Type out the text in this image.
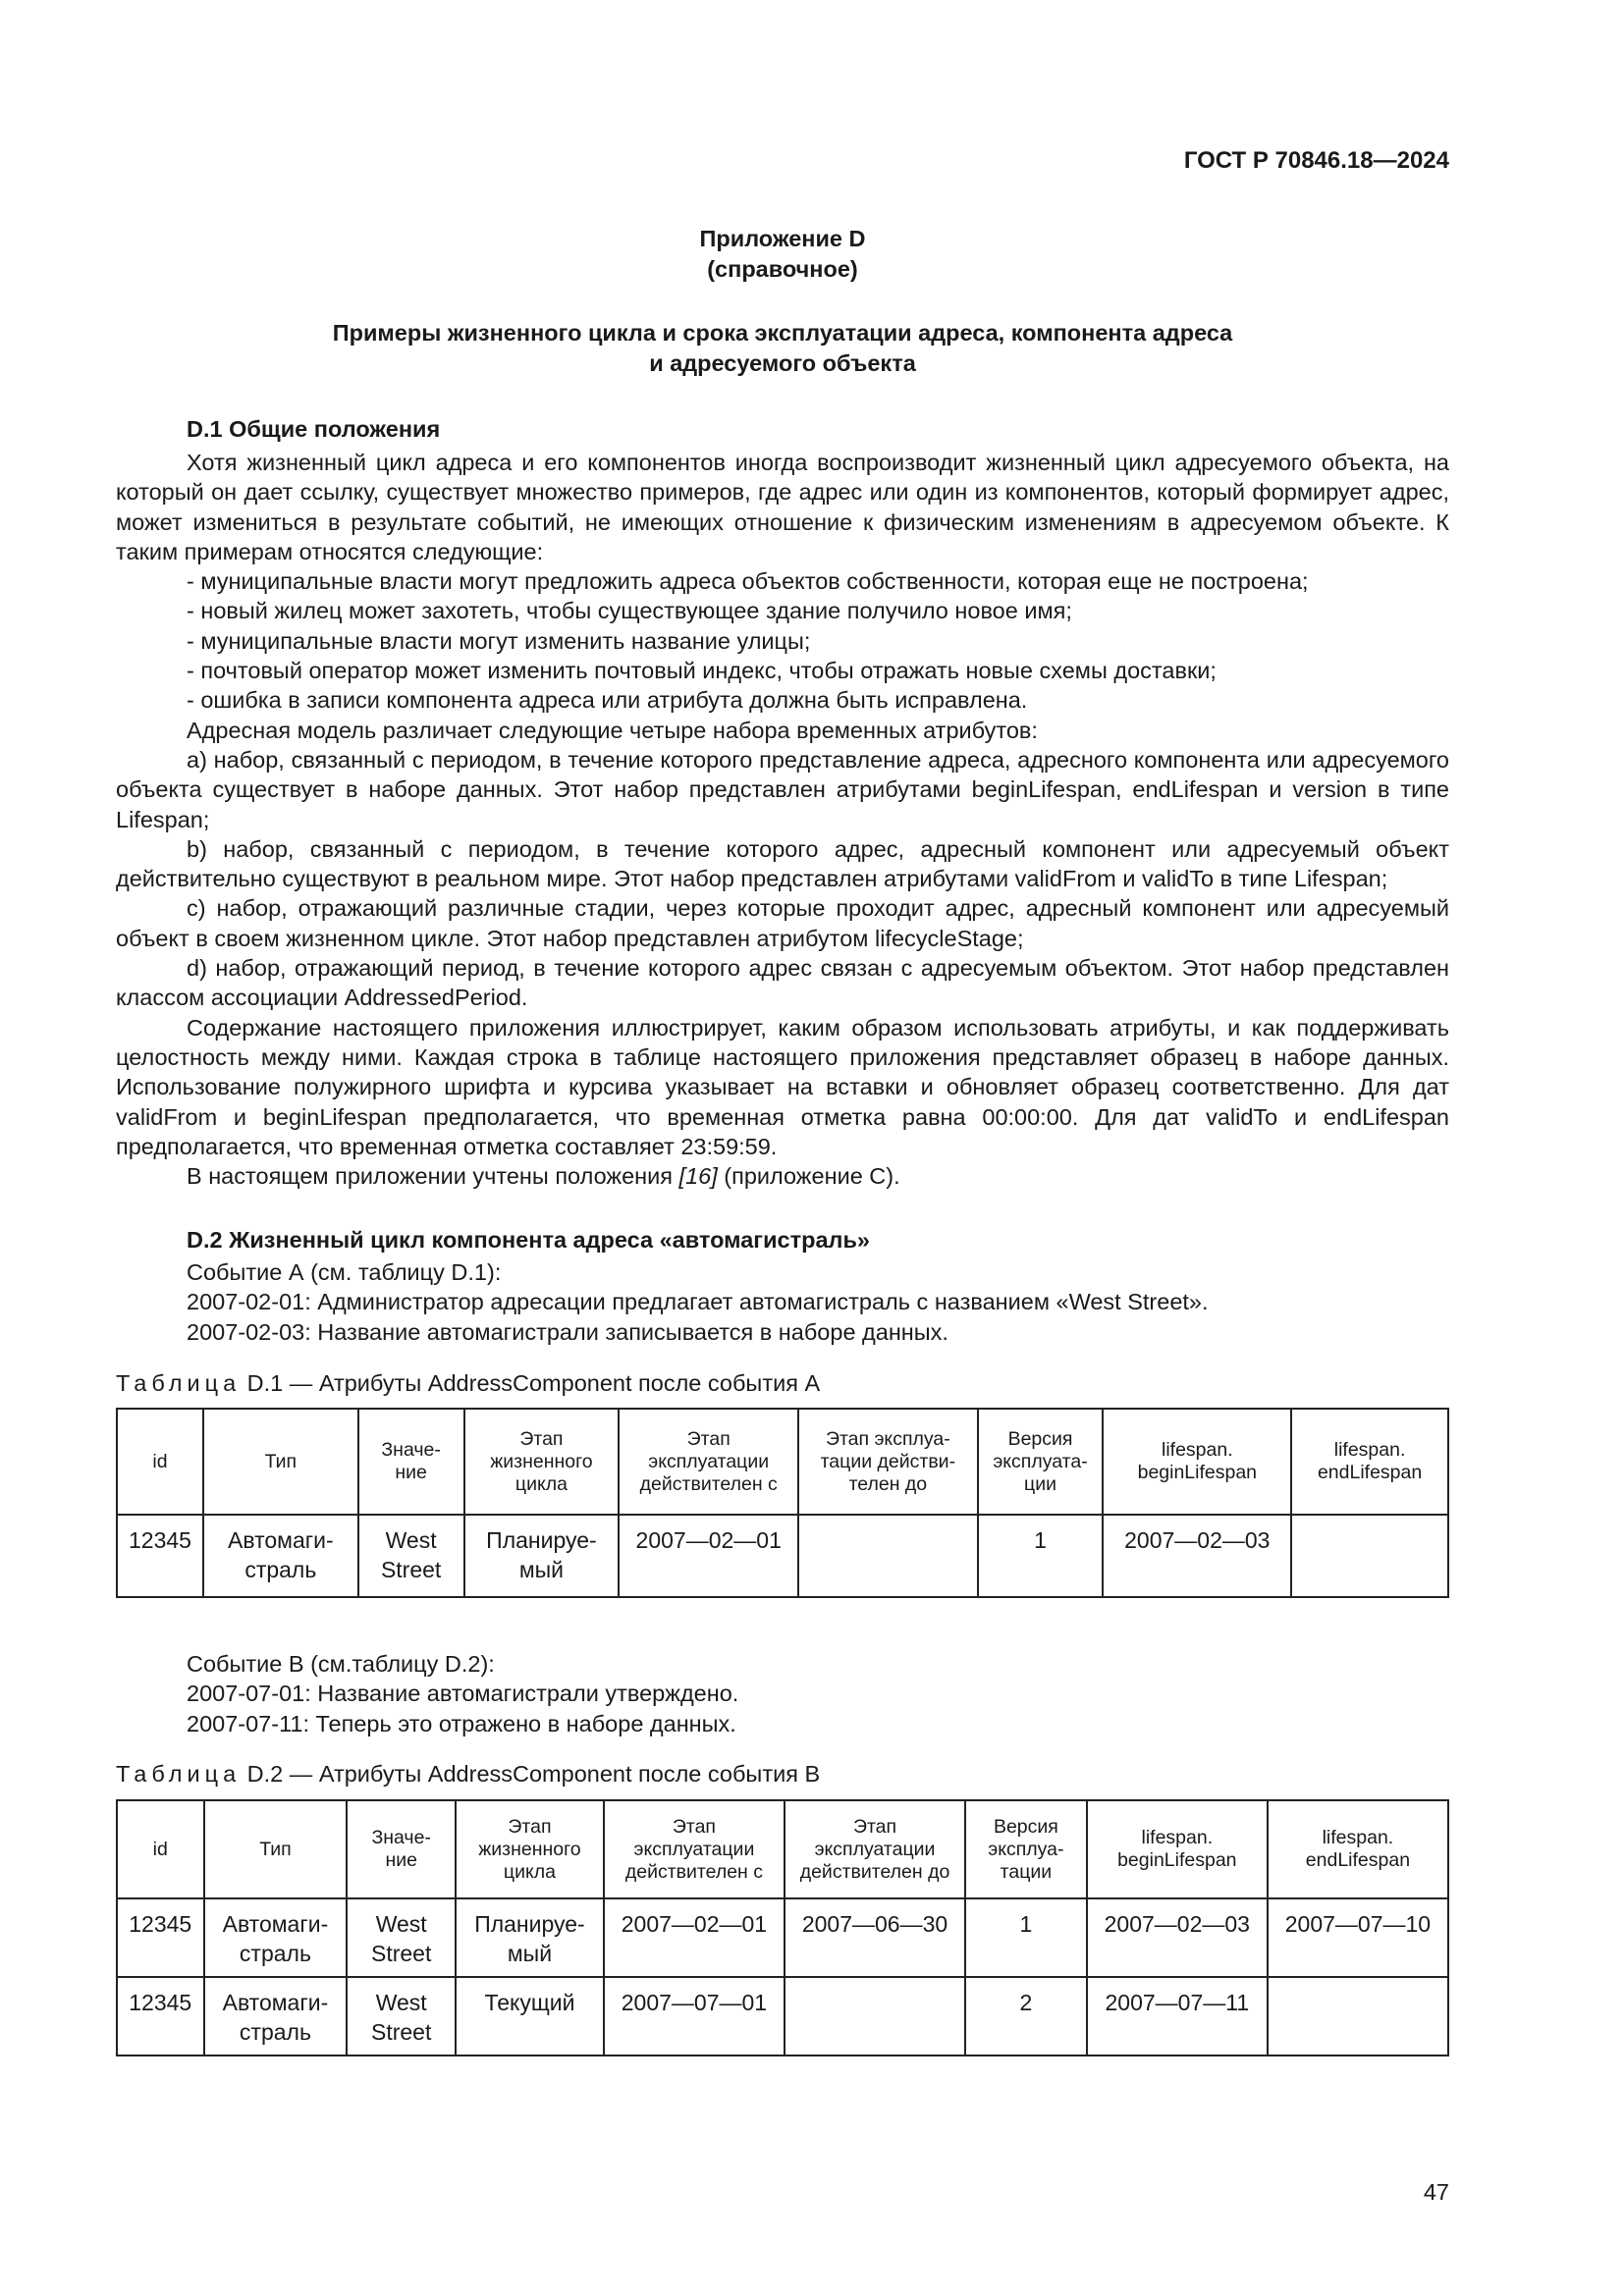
ГОСТ Р 70846.18—2024
Приложение D
(справочное)
Примеры жизненного цикла и срока эксплуатации адреса, компонента адреса
и адресуемого объекта
D.1 Общие положения

Хотя жизненный цикл адреса и его компонентов иногда воспроизводит жизненный цикл адресуемого объекта, на который он дает ссылку, существует множество примеров, где адрес или один из компонентов, который формирует адрес, может измениться в результате событий, не имеющих отношение к физическим изменениям в адресуемом объекте. К таким примерам относятся следующие:

- муниципальные власти могут предложить адреса объектов собственности, которая еще не построена;

- новый жилец может захотеть, чтобы существующее здание получило новое имя;

- муниципальные власти могут изменить название улицы;

- почтовый оператор может изменить почтовый индекс, чтобы отражать новые схемы доставки;

- ошибка в записи компонента адреса или атрибута должна быть исправлена.

Адресная модель различает следующие четыре набора временных атрибутов:

a) набор, связанный с периодом, в течение которого представление адреса, адресного компонента или адресуемого объекта существует в наборе данных. Этот набор представлен атрибутами beginLifespan, endLifespan и version в типе Lifespan;

b) набор, связанный с периодом, в течение которого адрес, адресный компонент или адресуемый объект действительно существуют в реальном мире. Этот набор представлен атрибутами validFrom и validTo в типе Lifespan;

c) набор, отражающий различные стадии, через которые проходит адрес, адресный компонент или адресуемый объект в своем жизненном цикле. Этот набор представлен атрибутом lifecycleStage;

d) набор, отражающий период, в течение которого адрес связан с адресуемым объектом. Этот набор представлен классом ассоциации AddressedPeriod.

Содержание настоящего приложения иллюстрирует, каким образом использовать атрибуты, и как поддерживать целостность между ними. Каждая строка в таблице настоящего приложения представляет образец в наборе данных. Использование полужирного шрифта и курсива указывает на вставки и обновляет образец соответственно. Для дат validFrom и beginLifespan предполагается, что временная отметка равна 00:00:00. Для дат validTo и endLifespan предполагается, что временная отметка составляет 23:59:59.

В настоящем приложении учтены положения [16] (приложение С).

D.2 Жизненный цикл компонента адреса «автомагистраль»
Событие А (см. таблицу D.1):
2007-02-01: Администратор адресации предлагает автомагистраль с названием «West Street».
2007-02-03: Название автомагистрали записывается в наборе данных.
Таблица D.1 — Атрибуты AddressComponent после события А
id	Тип	Значе-
ние	Этап
жизненного
цикла	Этап
эксплуатации
действителен с	Этап эксплуа-
тации действи-
телен до	Версия
эксплуата-
ции	lifespan.
beginLifespan	lifespan.
endLifespan
12345	Автомаги-
страль	West
Street	Планируе-
мый	2007—02—01		1	2007—02—03	
Событие В (см.таблицу D.2):
2007-07-01: Название автомагистрали утверждено.
2007-07-11: Теперь это отражено в наборе данных.
Таблица D.2 — Атрибуты AddressComponent после события В
id	Тип	Значе-
ние	Этап
жизненного
цикла	Этап
эксплуатации
действителен с	Этап
эксплуатации
действителен до	Версия
эксплуа-
тации	lifespan.
beginLifespan	lifespan.
endLifespan
12345	Автомаги-
страль	West
Street	Планируе-
мый	2007—02—01	2007—06—30	1	2007—02—03	2007—07—10
12345	Автомаги-
страль	West
Street	Текущий	2007—07—01		2	2007—07—11	
47
